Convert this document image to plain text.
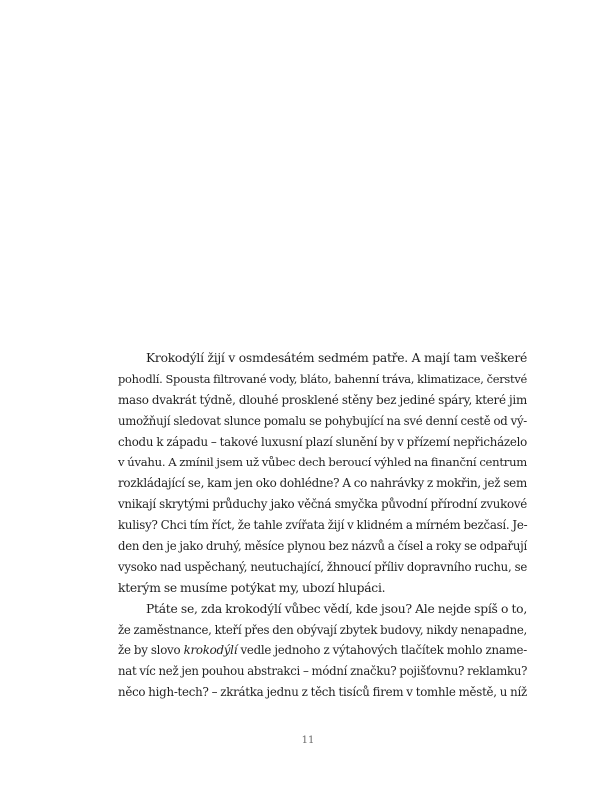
Krokodýlí žijí v osmdesátém sedmém patře. A mají tam veškeré
pohodlí. Spousta filtrované vody, bláto, bahenní tráva, klimatizace, čerstvé
maso dvakrát týdně, dlouhé prosklené stěny bez jediné spáry, které jim
umožňují sledovat slunce pomalu se pohybující na své denní cestě od vý-
chodu k západu – takové luxusní plazí slunění by v přízemí nepřicházelo
v úvahu. A zmínil jsem už vůbec dech beroucí výhled na finanční centrum
rozkládající se, kam jen oko dohlédne? A co nahrávky z mokřin, jež sem
vnikají skrytými průduchy jako věčná smyčka původní přírodní zvukové
kulisy? Chci tím říct, že tahle zvířata žijí v klidném a mírném bezčasí. Je-
den den je jako druhý, měsíce plynou bez názvů a čísel a roky se odpařují
vysoko nad uspěchaný, neutuchající, žhnoucí příliv dopravního ruchu, se
kterým se musíme potýkat my, ubozí hlupáci.
Ptáte se, zda krokodýlí vůbec vědí, kde jsou? Ale nejde spíš o to,
že zaměstnance, kteří přes den obývají zbytek budovy, nikdy nenapadne,
že by slovo krokodýlí vedle jednoho z výtahových tlačítek mohlo zname-
nat víc než jen pouhou abstrakci – módní značku? pojišťovnu? reklamku?
něco high-tech? – zkrátka jednu z těch tisíců firem v tomhle městě, u níž
11
